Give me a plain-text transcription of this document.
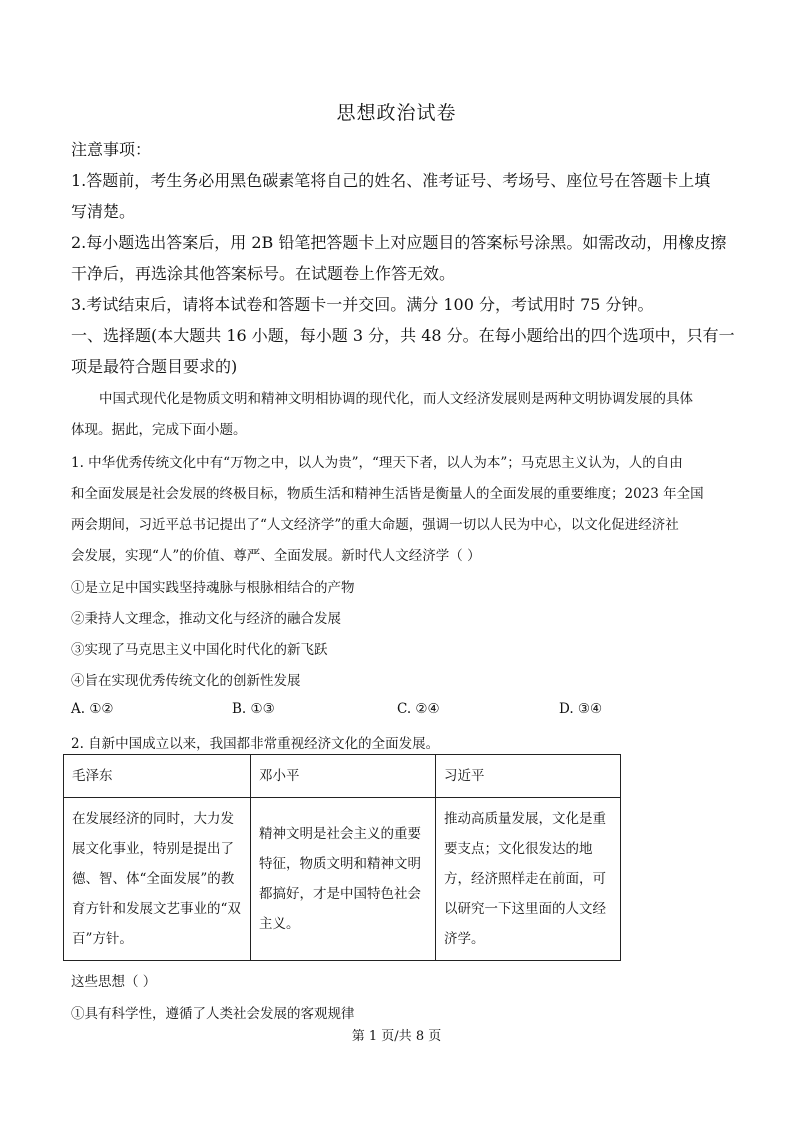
思想政治试卷
注意事项：
1.答题前，考生务必用黑色碳素笔将自己的姓名、准考证号、考场号、座位号在答题卡上填
写清楚。
2.每小题选出答案后，用 2B 铅笔把答题卡上对应题目的答案标号涂黑。如需改动，用橡皮擦
干净后，再选涂其他答案标号。在试题卷上作答无效。
3.考试结束后，请将本试卷和答题卡一并交回。满分 100 分，考试用时 75 分钟。
一、选择题(本大题共 16 小题，每小题 3 分，共 48 分。在每小题给出的四个选项中，只有一
项是最符合题目要求的)
中国式现代化是物质文明和精神文明相协调的现代化，而人文经济发展则是两种文明协调发展的具体
体现。据此，完成下面小题。
1. 中华优秀传统文化中有“万物之中，以人为贵”，“理天下者，以人为本”；马克思主义认为，人的自由
和全面发展是社会发展的终极目标，物质生活和精神生活皆是衡量人的全面发展的重要维度；2023 年全国
两会期间，习近平总书记提出了“人文经济学”的重大命题，强调一切以人民为中心，以文化促进经济社
会发展，实现“人”的价值、尊严、全面发展。新时代人文经济学（ ）
①是立足中国实践坚持魂脉与根脉相结合的产物
②秉持人文理念，推动文化与经济的融合发展
③实现了马克思主义中国化时代化的新飞跃
④旨在实现优秀传统文化的创新性发展
A. ①②	B. ①③	C. ②④	D. ③④
2. 自新中国成立以来，我国都非常重视经济文化的全面发展。
毛泽东	邓小平	习近平
在发展经济的同时，大力发展文化事业，特别是提出了德、智、体“全面发展”的教育方针和发展文艺事业的“双百”方针。	精神文明是社会主义的重要特征，物质文明和精神文明都搞好，才是中国特色社会主义。	推动高质量发展，文化是重要支点；文化很发达的地方，经济照样走在前面，可以研究一下这里面的人文经济学。
这些思想（ ）
①具有科学性，遵循了人类社会发展的客观规律
第 1 页/共 8 页
